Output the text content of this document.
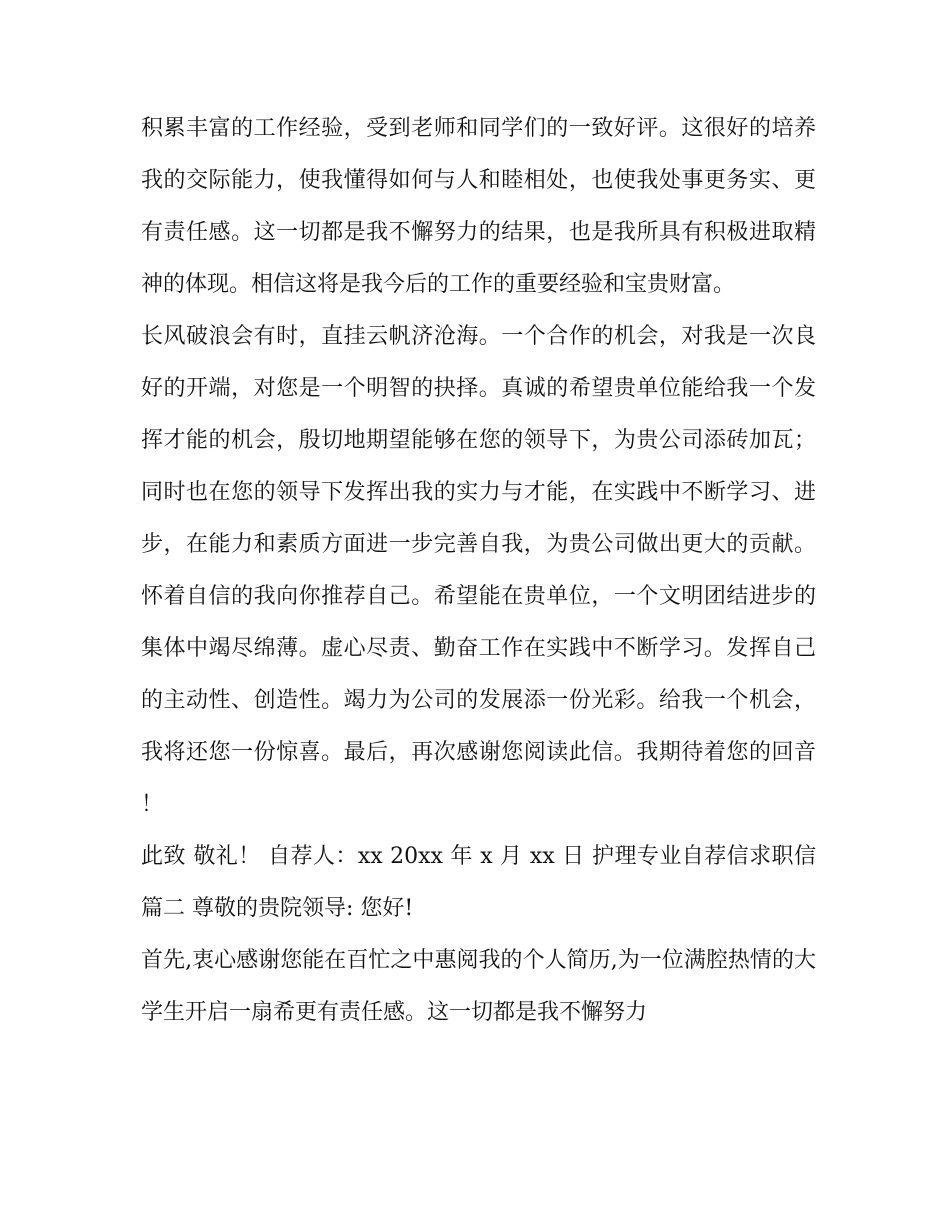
积累丰富的工作经验，受到老师和同学们的一致好评。这很好的培养我的交际能力，使我懂得如何与人和睦相处，也使我处事更务实、更有责任感。这一切都是我不懈努力的结果，也是我所具有积极进取精神的体现。相信这将是我今后的工作的重要经验和宝贵财富。

长风破浪会有时，直挂云帆济沧海。一个合作的机会，对我是一次良好的开端，对您是一个明智的抉择。真诚的希望贵单位能给我一个发挥才能的机会，殷切地期望能够在您的领导下，为贵公司添砖加瓦；同时也在您的领导下发挥出我的实力与才能，在实践中不断学习、进步，在能力和素质方面进一步完善自我，为贵公司做出更大的贡献。怀着自信的我向你推荐自己。希望能在贵单位，一个文明团结进步的集体中竭尽绵薄。虚心尽责、勤奋工作在实践中不断学习。发挥自己的主动性、创造性。竭力为公司的发展添一份光彩。给我一个机会，我将还您一份惊喜。最后，再次感谢您阅读此信。我期待着您的回音！

此致 敬礼！ 自荐人：xx 20xx 年 x 月 xx 日 护理专业自荐信求职信篇二 尊敬的贵院领导: 您好!

首先,衷心感谢您能在百忙之中惠阅我的个人简历,为一位满腔热情的大学生开启一扇希更有责任感。这一切都是我不懈努力
